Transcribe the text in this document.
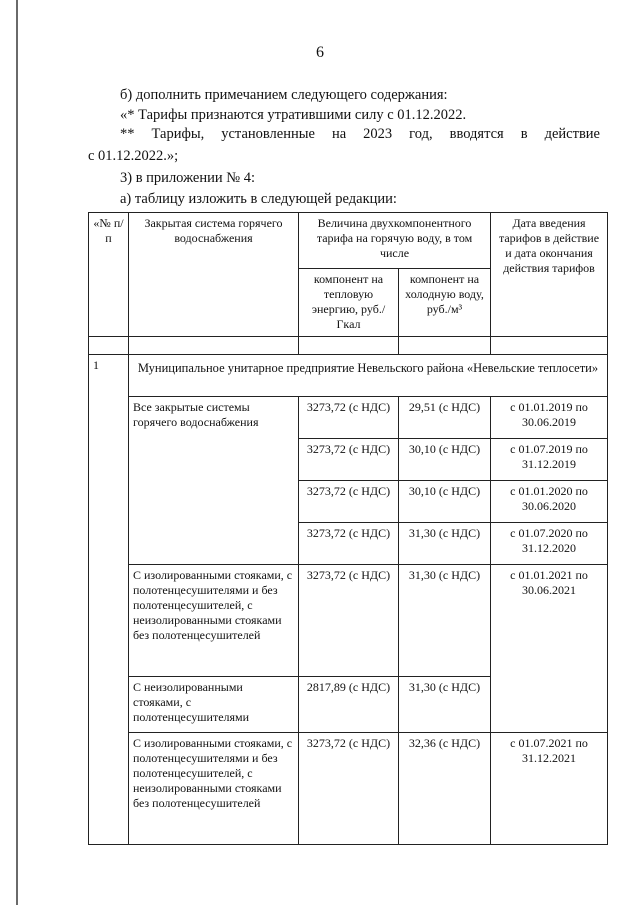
6
б) дополнить примечанием следующего содержания:
«* Тарифы признаются утратившими силу с 01.12.2022.
** Тарифы, установленные на 2023 год, вводятся в действие
с 01.12.2022.»;
3) в приложении № 4:
а) таблицу изложить в следующей редакции:
«№ п/п	Закрытая система горячего водоснабжения	Величина двухкомпонентного тарифа на горячую воду, в том числе		Дата введения тарифов в действие и дата окончания действия тарифов
		компонент на тепловую энергию, руб./Гкал	компонент на холодную воду, руб./м³	

1	Муниципальное унитарное предприятие Невельского района «Невельские теплосети»			
	Все закрытые системы горячего водоснабжения	3273,72 (с НДС)	29,51 (с НДС)	с 01.01.2019 по 30.06.2019
		3273,72 (с НДС)	30,10 (с НДС)	с 01.07.2019 по 31.12.2019
		3273,72 (с НДС)	30,10 (с НДС)	с 01.01.2020 по 30.06.2020
		3273,72 (с НДС)	31,30 (с НДС)	с 01.07.2020 по 31.12.2020
	С изолированными стояками, с полотенцесушителями и без полотенцесушителей, с неизолированными стояками без полотенцесушителей	3273,72 (с НДС)	31,30 (с НДС)	с 01.01.2021 по 30.06.2021
	С неизолированными стояками, с полотенцесушителями	2817,89 (с НДС)	31,30 (с НДС)	
	С изолированными стояками, с полотенцесушителями и без полотенцесушителей, с неизолированными стояками без полотенцесушителей	3273,72 (с НДС)	32,36 (с НДС)	с 01.07.2021 по 31.12.2021
